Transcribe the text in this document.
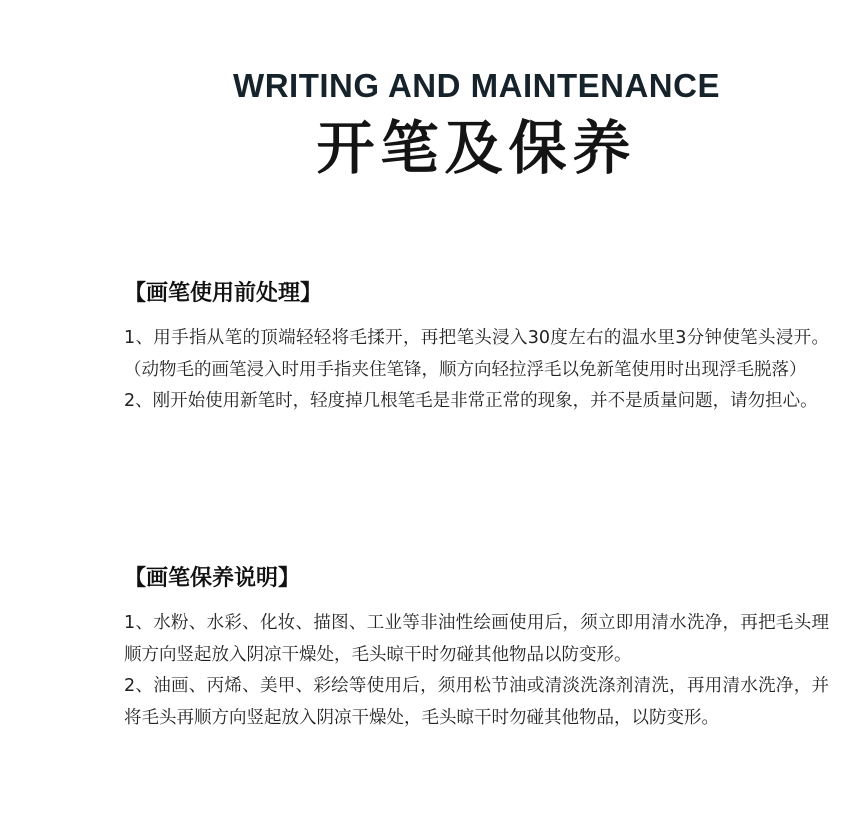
WRITING AND MAINTENANCE
开笔及保养
【画笔使用前处理】

1、用手指从笔的顶端轻轻将毛揉开，再把笔头浸入30度左右的温水里3分钟使笔头浸开。（动物毛的画笔浸入时用手指夹住笔锋，顺方向轻拉浮毛以免新笔使用时出现浮毛脱落）

2、刚开始使用新笔时，轻度掉几根笔毛是非常正常的现象，并不是质量问题，请勿担心。

【画笔保养说明】

1、水粉、水彩、化妆、描图、工业等非油性绘画使用后，须立即用清水洗净，再把毛头理顺方向竖起放入阴凉干燥处，毛头晾干时勿碰其他物品以防变形。

2、油画、丙烯、美甲、彩绘等使用后，须用松节油或清淡洗涤剂清洗，再用清水洗净，并将毛头再顺方向竖起放入阴凉干燥处，毛头晾干时勿碰其他物品，以防变形。
